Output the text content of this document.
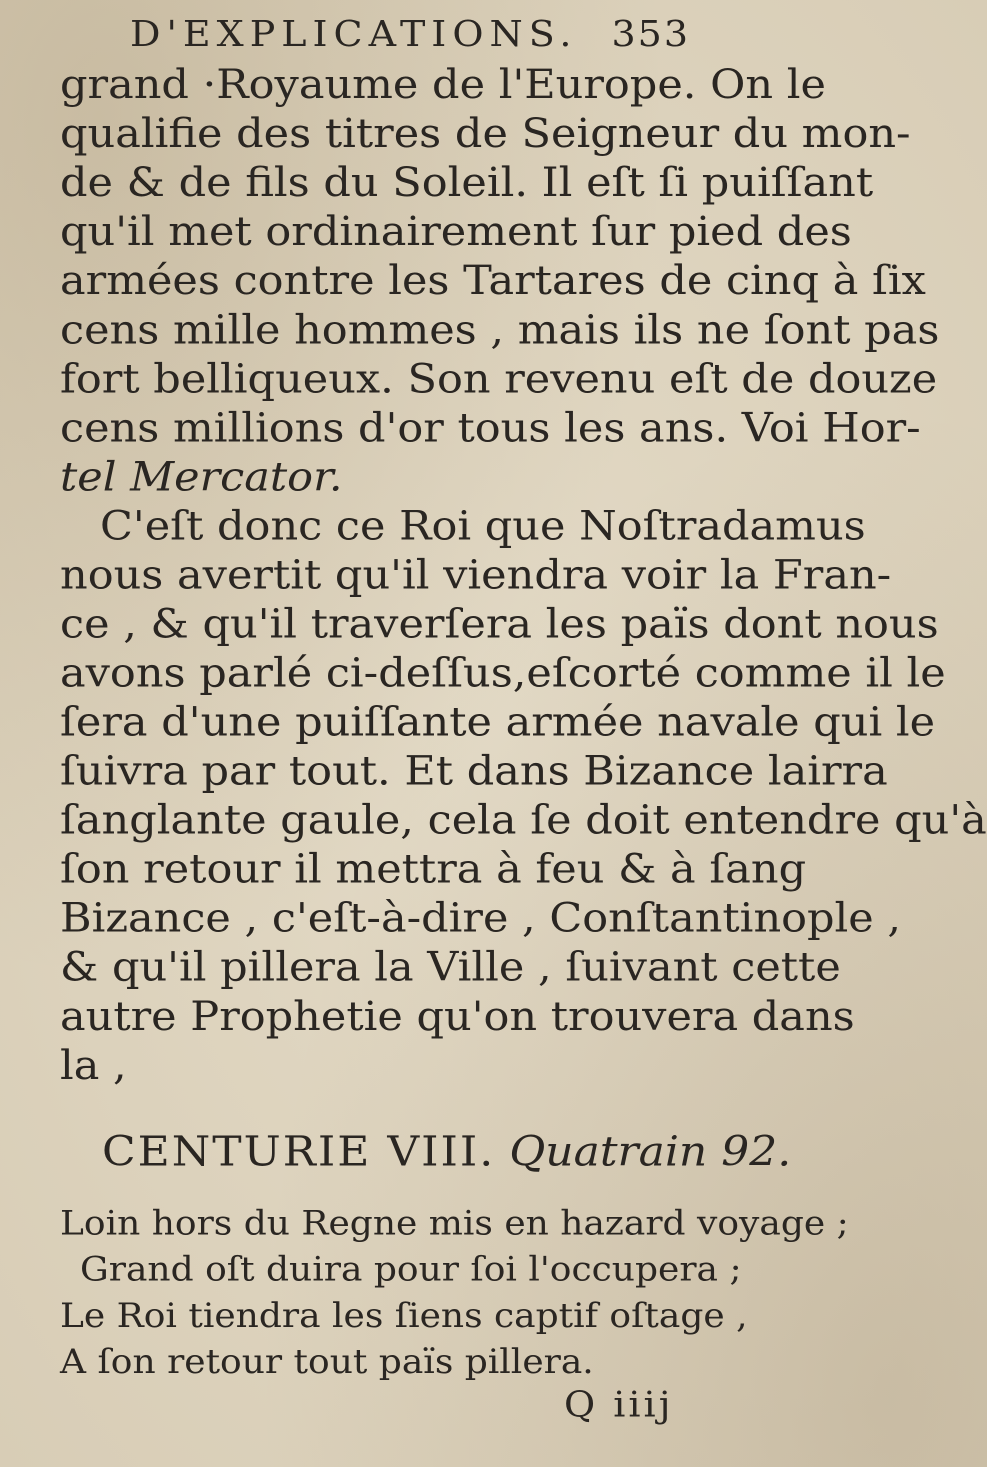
D'EXPLICATIONS. 353
grand ·Royaume de l'Europe. On le
qualifie des titres de Seigneur du mon-
de & de fils du Soleil. Il eſt ſi puiſſant
qu'il met ordinairement ſur pied des
armées contre les Tartares de cinq à ſix
cens mille hommes , mais ils ne ſont pas
fort belliqueux. Son revenu eſt de douze
cens millions d'or tous les ans. Voi Hor-
tel Mercator.
C'eſt donc ce Roi que Noſtradamus
nous avertit qu'il viendra voir la Fran-
ce , & qu'il traverſera les païs dont nous
avons parlé ci-deſſus,eſcorté comme il le
ſera d'une puiſſante armée navale qui le
ſuivra par tout. Et dans Bizance lairra
ſanglante gaule, cela ſe doit entendre qu'à
ſon retour il mettra à feu & à ſang
Bizance , c'eſt-à-dire , Conſtantinople ,
& qu'il pillera la Ville , ſuivant cette
autre Prophetie qu'on trouvera dans
la ,
CENTURIE VIII. Quatrain 92.
Loin hors du Regne mis en hazard voyage ;
Grand oſt duira pour ſoi l'occupera ;
Le Roi tiendra les ſiens captif oſtage ,
A ſon retour tout païs pillera.
Q iiij
